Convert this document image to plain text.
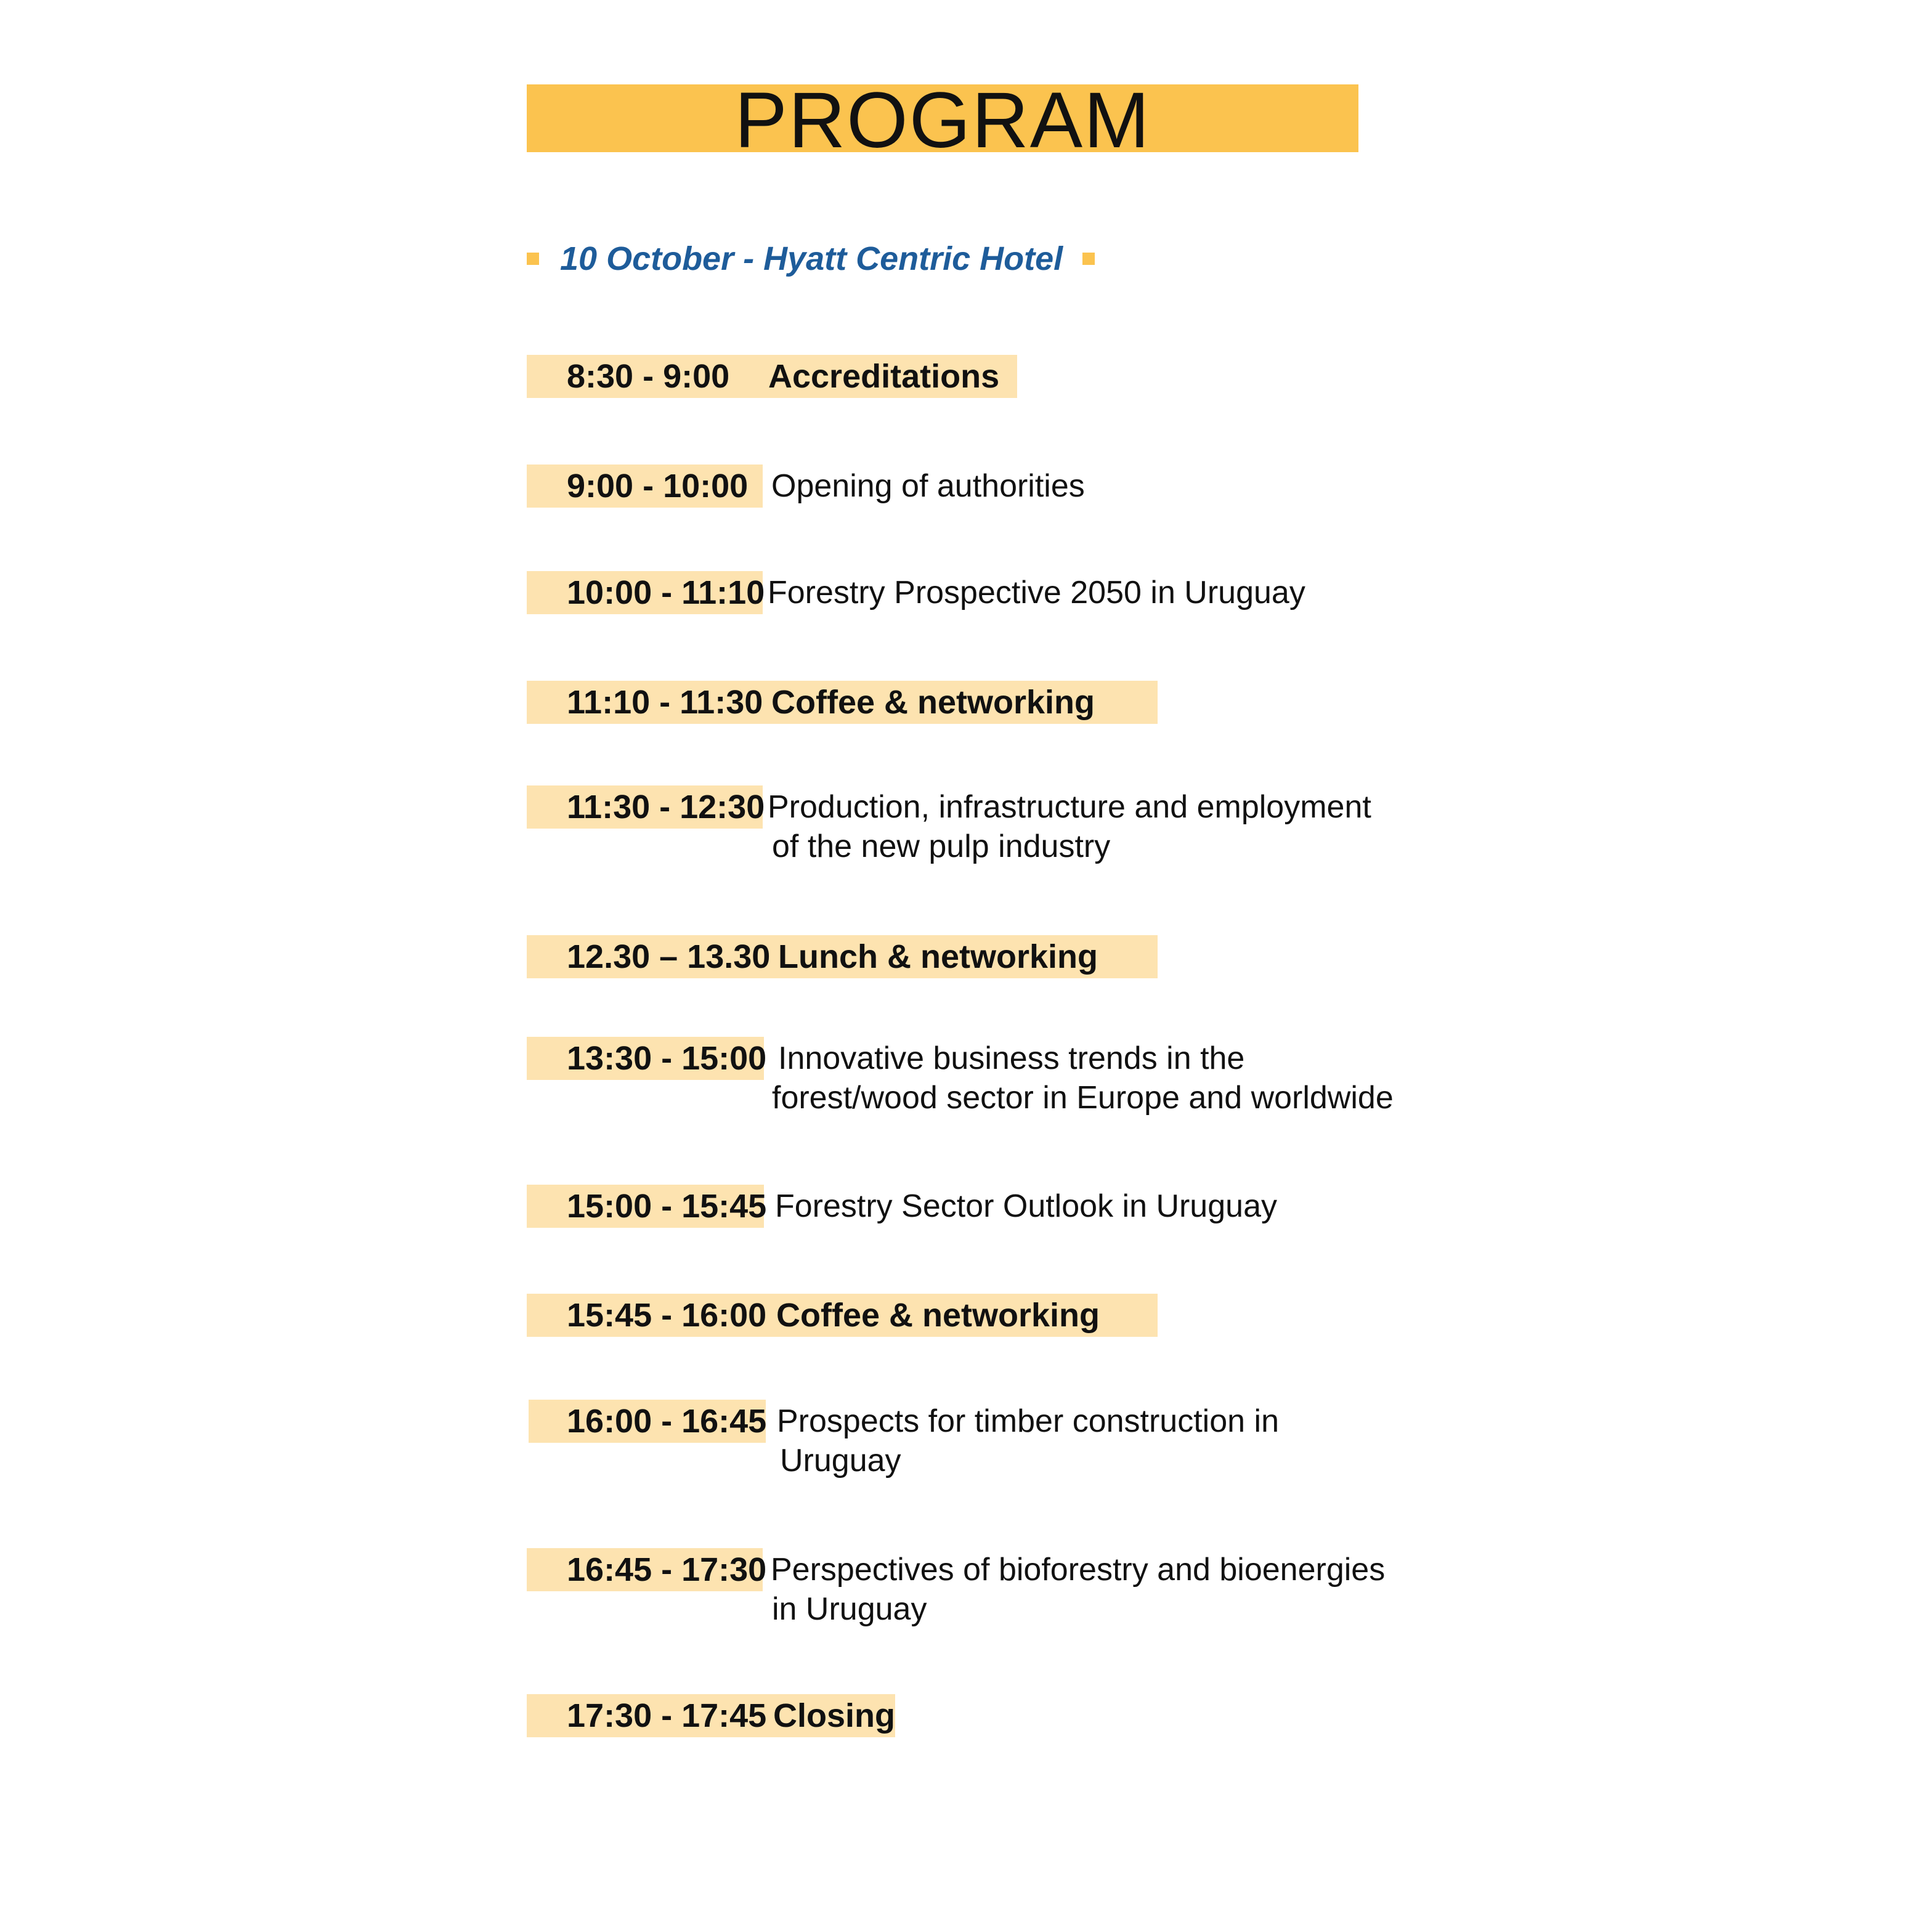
PROGRAM
10 October - Hyatt Centric Hotel
8:30 - 9:00 Accreditations
9:00 - 10:00 Opening of authorities
10:00 - 11:10 Forestry Prospective 2050 in Uruguay
11:10 - 11:30 Coffee & networking
11:30 - 12:30 Production, infrastructure and employment
of the new pulp industry
12.30 – 13.30 Lunch & networking
13:30 - 15:00 Innovative business trends in the
forest/wood sector in Europe and worldwide
15:00 - 15:45 Forestry Sector Outlook in Uruguay
15:45 - 16:00 Coffee & networking
16:00 - 16:45 Prospects for timber construction in
Uruguay
16:45 - 17:30 Perspectives of bioforestry and bioenergies
in Uruguay
17:30 - 17:45 Closing
